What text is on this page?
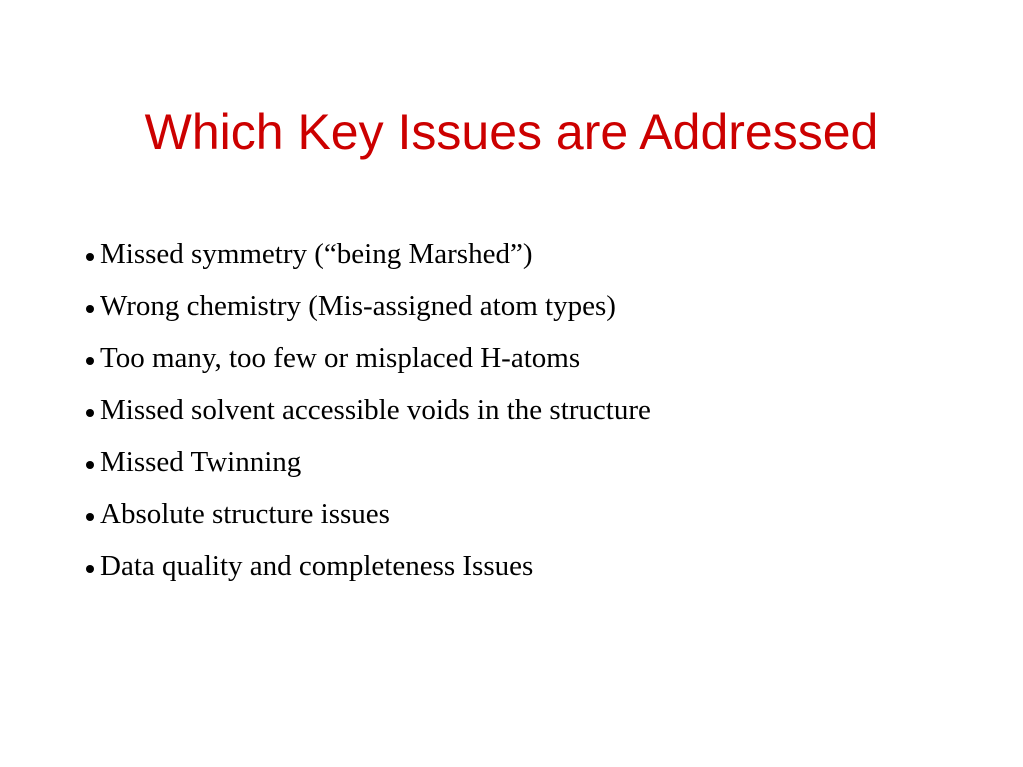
Which Key Issues are Addressed
Missed symmetry (“being Marshed”)
Wrong chemistry (Mis-assigned atom types)
Too many, too few or misplaced H-atoms
Missed solvent accessible voids in the structure
Missed Twinning
Absolute structure issues
Data quality and completeness Issues
